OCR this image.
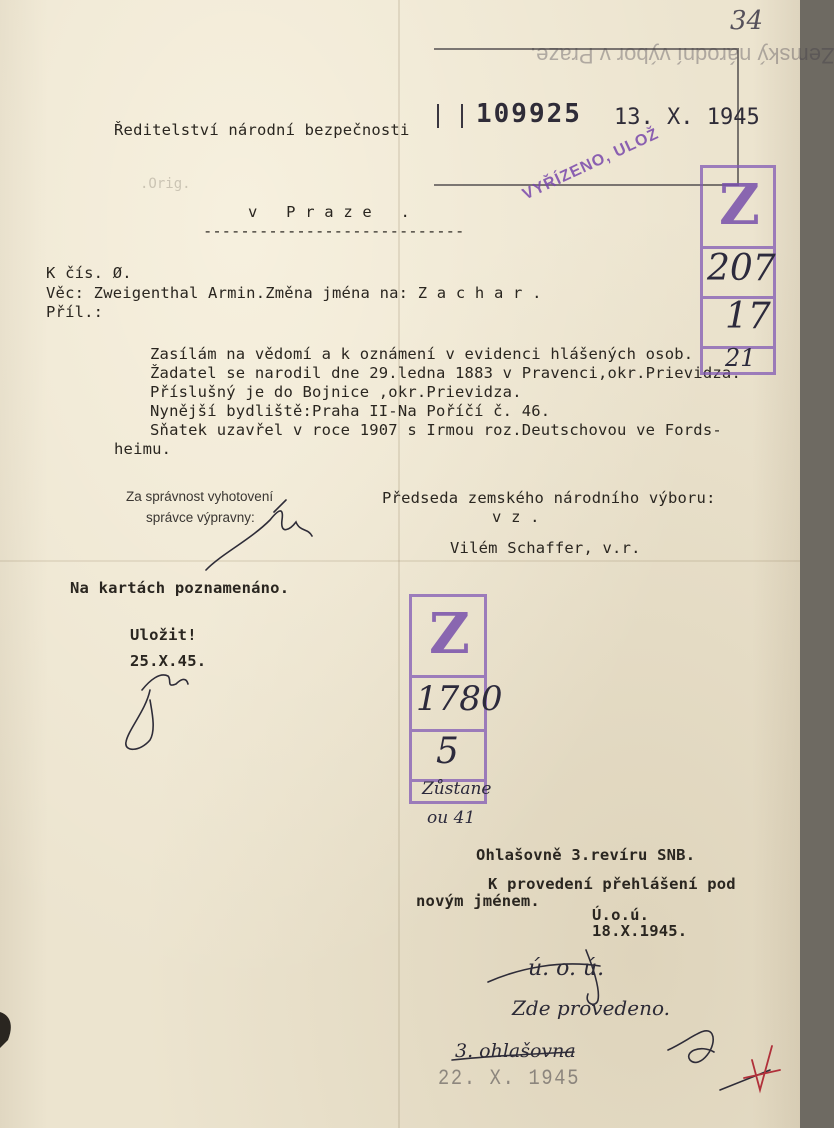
34
Zemský národní výbor v Praze.
109925 13. X. 1945
VYŘÍZENO, ULOŽ
Ředitelství národní bezpečnosti
v   P r a z e   .
----------------------------
K čís. Ø.
Věc: Zweigenthal Armin.Změna jména na: Z a c h a r .
Příl.:
Zasílám na vědomí a k oznámení v evidenci hlášených osob.
Žadatel se narodil dne 29.ledna 1883 v Pravenci,okr.Prievidza.
Příslušný je do Bojnice ,okr.Prievidza.
Nynější bydliště:Praha II-Na Poříčí č. 46.
Sňatek uzavřel v roce 1907 s Irmou roz.Deutschovou ve Fords-
heimu.
Za správnost vyhotovení
správce výpravny:
Předseda zemského národního výboru:
v z .
Vilém Schaffer, v.r.
Na kartách poznamenáno.
Uložit!
25.X.45.
Z
207
17
21
Z
1780
5
Zůstane
ou 41
Ohlašovně 3.revíru SNB.
K provedení přehlášení pod
novým jménem.
Ú.o.ú.
18.X.1945.
ú. o. ú.
Zde provedeno.
3. ohlašovna
22. X. 1945
.Orig.
